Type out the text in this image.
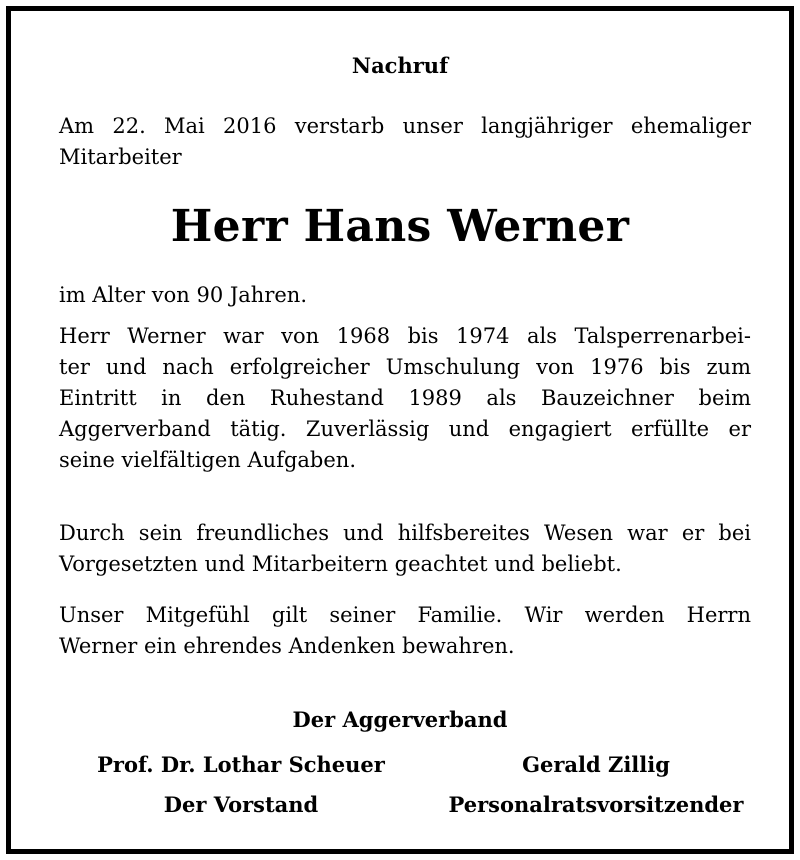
Nachruf

Am 22. Mai 2016 verstarb unser langjähriger ehemaliger
Mitarbeiter

Herr Hans Werner

im Alter von 90 Jahren.
Herr Werner war von 1968 bis 1974 als Talsperrenarbei-
ter und nach erfolgreicher Umschulung von 1976 bis zum
Eintritt in den Ruhestand 1989 als Bauzeichner beim
Aggerverband tätig. Zuverlässig und engagiert erfüllte er
seine vielfältigen Aufgaben.
Durch sein freundliches und hilfsbereites Wesen war er bei
Vorgesetzten und Mitarbeitern geachtet und beliebt.
Unser Mitgefühl gilt seiner Familie. Wir werden Herrn
Werner ein ehrendes Andenken bewahren.

Der Aggerverband

Prof. Dr. Lothar Scheuer
Der Vorstand
Gerald Zillig
Personalratsvorsitzender
